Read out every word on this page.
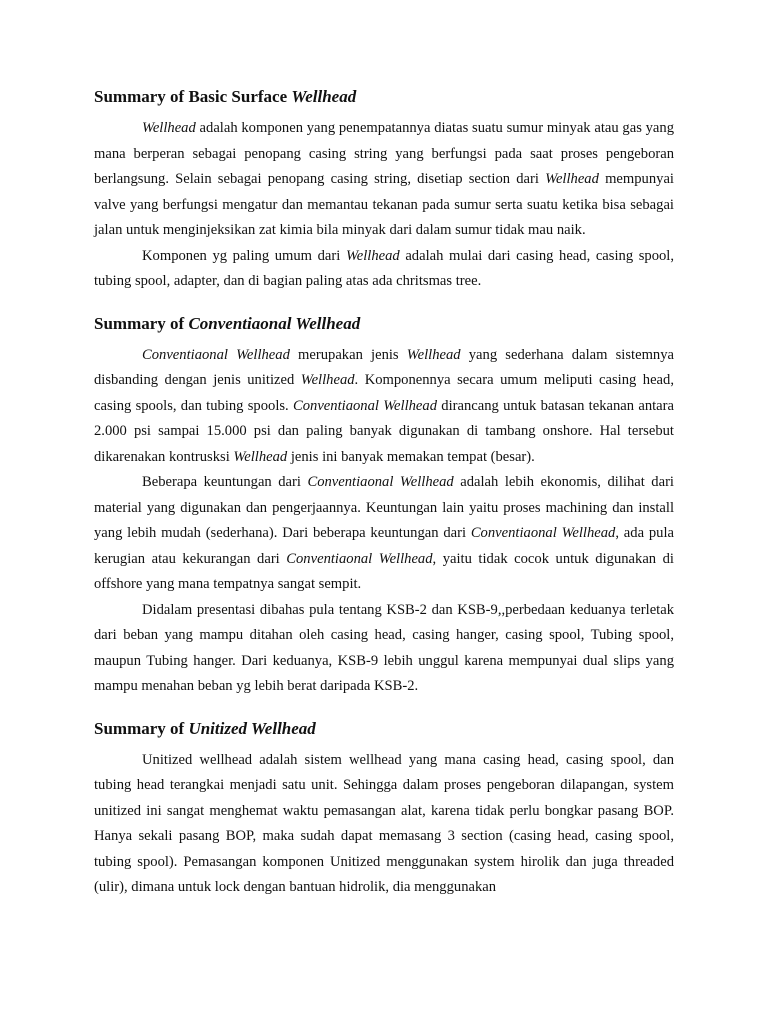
Summary of Basic Surface Wellhead

Wellhead adalah komponen yang penempatannya diatas suatu sumur minyak atau gas yang mana berperan sebagai penopang casing string yang berfungsi pada saat proses pengeboran berlangsung. Selain sebagai penopang casing string, disetiap section dari Wellhead mempunyai valve yang berfungsi mengatur dan memantau tekanan pada sumur serta suatu ketika bisa sebagai jalan untuk menginjeksikan zat kimia bila minyak dari dalam sumur tidak mau naik.

Komponen yg paling umum dari Wellhead adalah mulai dari casing head, casing spool, tubing spool, adapter, dan di bagian paling atas ada chritsmas tree.

Summary of Conventiaonal Wellhead

Conventiaonal Wellhead merupakan jenis Wellhead yang sederhana dalam sistemnya disbanding dengan jenis unitized Wellhead. Komponennya secara umum meliputi casing head, casing spools, dan tubing spools. Conventiaonal Wellhead dirancang untuk batasan tekanan antara 2.000 psi sampai 15.000 psi dan paling banyak digunakan di tambang onshore. Hal tersebut dikarenakan kontrusksi Wellhead jenis ini banyak memakan tempat (besar).

Beberapa keuntungan dari Conventiaonal Wellhead adalah lebih ekonomis, dilihat dari material yang digunakan dan pengerjaannya. Keuntungan lain yaitu proses machining dan install yang lebih mudah (sederhana). Dari beberapa keuntungan dari Conventiaonal Wellhead, ada pula kerugian atau kekurangan dari Conventiaonal Wellhead, yaitu tidak cocok untuk digunakan di offshore yang mana tempatnya sangat sempit.

Didalam presentasi dibahas pula tentang KSB-2 dan KSB-9,,perbedaan keduanya terletak dari beban yang mampu ditahan oleh casing head, casing hanger, casing spool, Tubing spool, maupun Tubing hanger. Dari keduanya, KSB-9 lebih unggul karena mempunyai dual slips yang mampu menahan beban yg lebih berat daripada KSB-2.

Summary of Unitized Wellhead

Unitized wellhead adalah sistem wellhead yang mana casing head, casing spool, dan tubing head terangkai menjadi satu unit. Sehingga dalam proses pengeboran dilapangan, system unitized ini sangat menghemat waktu pemasangan alat, karena tidak perlu bongkar pasang BOP. Hanya sekali pasang BOP, maka sudah dapat memasang 3 section (casing head, casing spool, tubing spool). Pemasangan komponen Unitized menggunakan system hirolik dan juga threaded (ulir), dimana untuk lock dengan bantuan hidrolik, dia menggunakan
